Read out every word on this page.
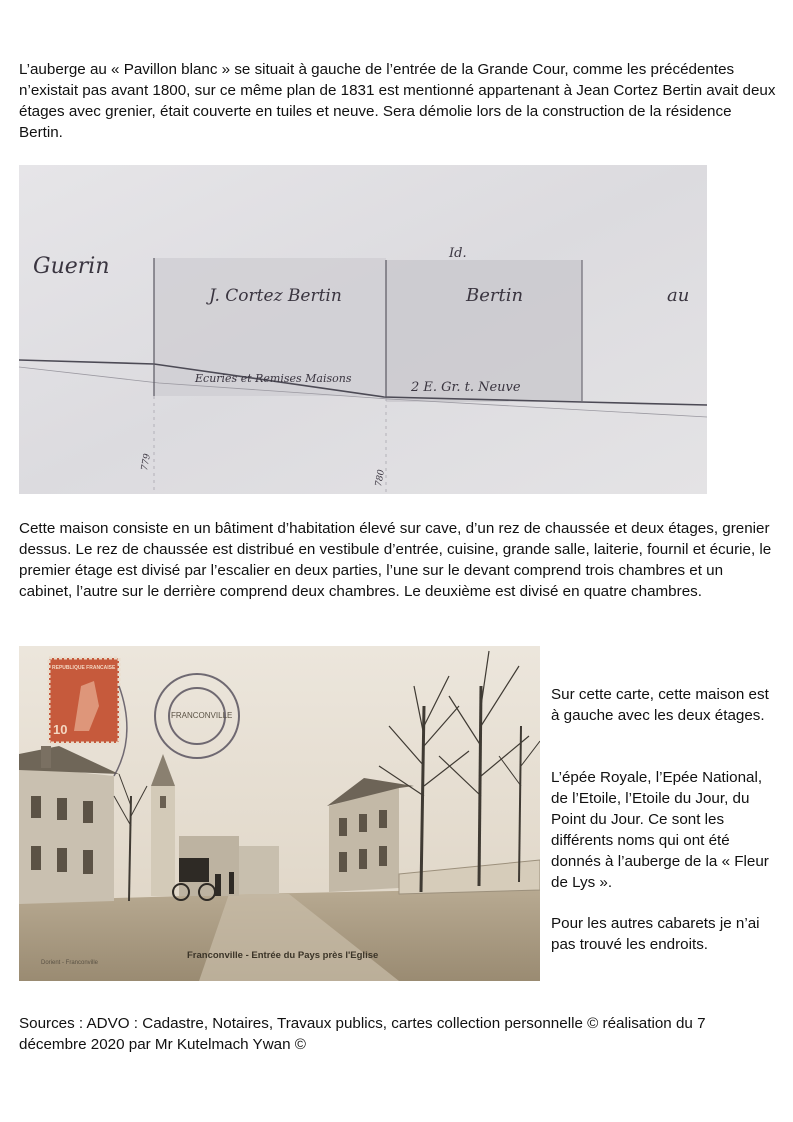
L’auberge au « Pavillon blanc » se situait à gauche de l’entrée de la Grande Cour, comme les précédentes n’existait pas avant 1800, sur ce même plan de 1831 est mentionné appartenant à Jean Cortez Bertin avait deux étages avec grenier, était couverte en tuiles et neuve. Sera démolie lors de la construction de la résidence Bertin.

Guerin
J. Cortez Bertin
Id.
Bertin	au
Ecuries et Remises Maisons
2 E. Gr. t. Neuve
779
780

Cette maison consiste en un bâtiment d’habitation élevé sur cave, d’un rez de chaussée et deux étages, grenier dessus. Le rez de chaussée est distribué en vestibule d’entrée, cuisine, grande salle, laiterie, fournil et écurie, le premier étage est divisé par l’escalier en deux parties, l’une sur le devant comprend trois chambres et un cabinet, l’autre sur le derrière comprend deux chambres. Le deuxième est divisé en quatre chambres.

REPUBLIQUE FRANCAISE
10
FRANCONVILLE
Franconville - Entrée du Pays près l'Eglise
Dorient - Franconville

Sur cette carte, cette maison est à gauche avec les deux étages.

L’épée Royale, l’Epée National, de l’Etoile, l’Etoile du Jour, du Point du Jour. Ce sont les différents noms qui ont été donnés à l’auberge de la « Fleur de Lys ».

Pour les autres cabarets je n’ai pas trouvé les endroits.

Sources : ADVO : Cadastre, Notaires, Travaux publics, cartes collection personnelle © réalisation du 7 décembre 2020 par Mr Kutelmach Ywan ©
